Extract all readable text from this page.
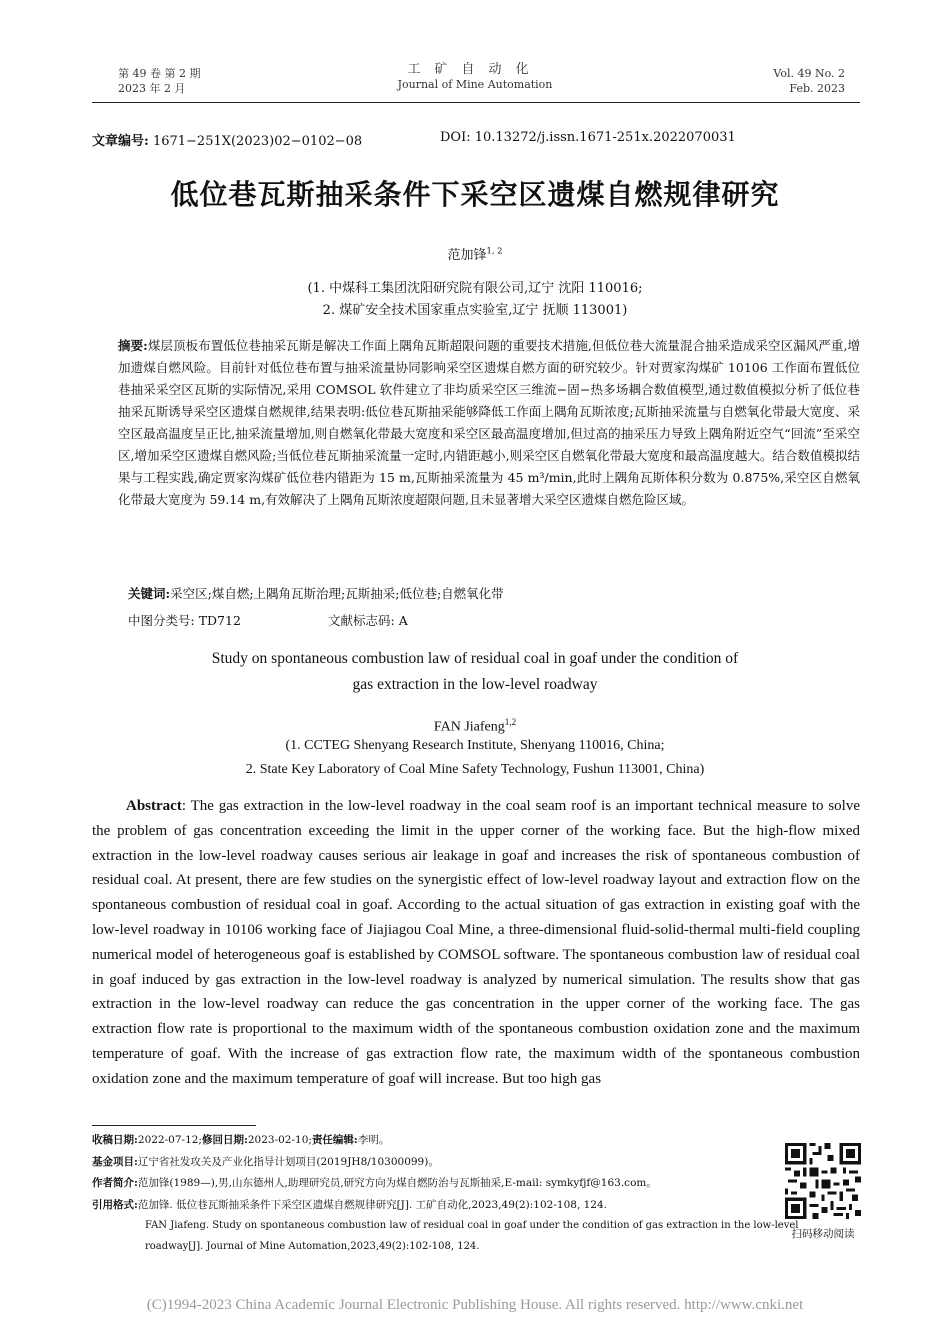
第 49 卷 第 2 期
2023 年 2 月
工矿自动化
Journal of Mine Automation
Vol. 49 No. 2
Feb. 2023
文章编号: 1671−251X(2023)02−0102−08	DOI: 10.13272/j.issn.1671-251x.2022070031
低位巷瓦斯抽采条件下采空区遗煤自燃规律研究
范加锋$^{1, 2}$
(1. 中煤科工集团沈阳研究院有限公司,辽宁 沈阳 110016;
2. 煤矿安全技术国家重点实验室,辽宁 抚顺 113001)
摘要:煤层顶板布置低位巷抽采瓦斯是解决工作面上隅角瓦斯超限问题的重要技术措施,但低位巷大流量混合抽采造成采空区漏风严重,增加遗煤自燃风险。目前针对低位巷布置与抽采流量协同影响采空区遗煤自燃方面的研究较少。针对贾家沟煤矿 10106 工作面布置低位巷抽采采空区瓦斯的实际情况,采用 COMSOL 软件建立了非均质采空区三维流−固−热多场耦合数值模型,通过数值模拟分析了低位巷抽采瓦斯诱导采空区遗煤自燃规律,结果表明:低位巷瓦斯抽采能够降低工作面上隅角瓦斯浓度;瓦斯抽采流量与自燃氧化带最大宽度、采空区最高温度呈正比,抽采流量增加,则自燃氧化带最大宽度和采空区最高温度增加,但过高的抽采压力导致上隅角附近空气“回流”至采空区,增加采空区遗煤自燃风险;当低位巷瓦斯抽采流量一定时,内错距越小,则采空区自燃氧化带最大宽度和最高温度越大。结合数值模拟结果与工程实践,确定贾家沟煤矿低位巷内错距为 15 m,瓦斯抽采流量为 45 m³/min,此时上隅角瓦斯体积分数为 0.875%,采空区自燃氧化带最大宽度为 59.14 m,有效解决了上隅角瓦斯浓度超限问题,且未显著增大采空区遗煤自燃危险区域。
关键词:采空区;煤自燃;上隅角瓦斯治理;瓦斯抽采;低位巷;自燃氧化带
中图分类号: TD712	文献标志码: A
Study on spontaneous combustion law of residual coal in goaf under the condition of
gas extraction in the low-level roadway
FAN Jiafeng$^{1,2}$
(1. CCTEG Shenyang Research Institute, Shenyang 110016, China;
2. State Key Laboratory of Coal Mine Safety Technology, Fushun 113001, China)
Abstract: The gas extraction in the low-level roadway in the coal seam roof is an important technical measure to solve the problem of gas concentration exceeding the limit in the upper corner of the working face. But the high-flow mixed extraction in the low-level roadway causes serious air leakage in goaf and increases the risk of spontaneous combustion of residual coal. At present, there are few studies on the synergistic effect of low-level roadway layout and extraction flow on the spontaneous combustion of residual coal in goaf. According to the actual situation of gas extraction in existing goaf with the low-level roadway in 10106 working face of Jiajiagou Coal Mine, a three-dimensional fluid-solid-thermal multi-field coupling numerical model of heterogeneous goaf is established by COMSOL software. The spontaneous combustion law of residual coal in goaf induced by gas extraction in the low-level roadway is analyzed by numerical simulation. The results show that gas extraction in the low-level roadway can reduce the gas concentration in the upper corner of the working face. The gas extraction flow rate is proportional to the maximum width of the spontaneous combustion oxidation zone and the maximum temperature of goaf. With the increase of gas extraction flow rate, the maximum width of the spontaneous combustion oxidation zone and the maximum temperature of goaf will increase. But too high gas
收稿日期:2022-07-12;修回日期:2023-02-10;责任编辑:李明。
基金项目:辽宁省社发攻关及产业化指导计划项目(2019JH8/10300099)。
作者简介:范加锋(1989—),男,山东德州人,助理研究员,研究方向为煤自燃防治与瓦斯抽采,E-mail: symkyfjf@163.com。
引用格式:范加锋. 低位巷瓦斯抽采条件下采空区遗煤自燃规律研究[J]. 工矿自动化,2023,49(2):102-108, 124.
FAN Jiafeng. Study on spontaneous combustion law of residual coal in goaf under the condition of gas extraction in the low-level
roadway[J]. Journal of Mine Automation,2023,49(2):102-108, 124.
扫码移动阅读
(C)1994-2023 China Academic Journal Electronic Publishing House. All rights reserved. http://www.cnki.net
